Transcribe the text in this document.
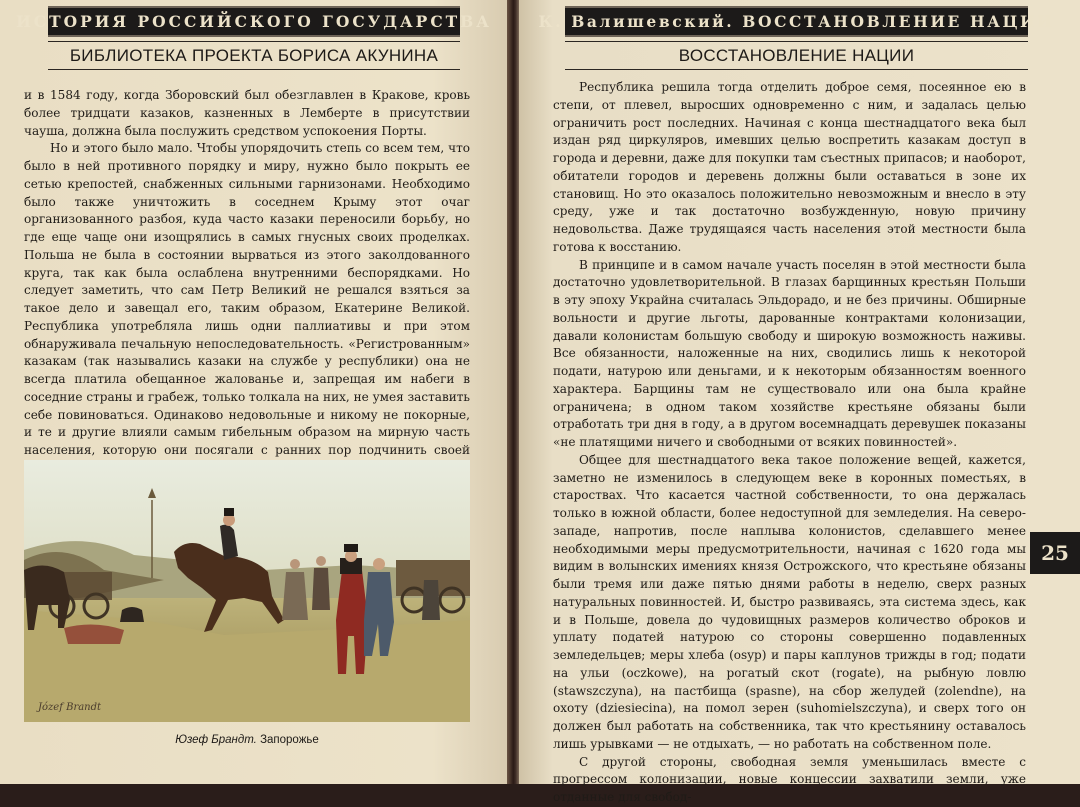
ИСТОРИЯ РОССИЙСКОГО ГОСУДАРСТВА
БИБЛИОТЕКА ПРОЕКТА БОРИСА АКУНИНА

и в 1584 году, когда Зборовский был обезглавлен в Кракове, кровь более тридцати казаков, казненных в Лемберте в присутствии чауша, должна была послужить средством успокоения Порты.

Но и этого было мало. Чтобы упорядочить степь со всем тем, что было в ней противного порядку и миру, нужно было покрыть ее сетью крепостей, снабженных сильными гарнизонами. Необходимо было также уничтожить в соседнем Крыму этот очаг организованного разбоя, куда часто казаки переносили борьбу, но где еще чаще они изощрялись в самых гнусных своих проделках. Польша не была в состоянии вырваться из этого заколдованного круга, так как была ослаблена внутренними беспорядками. Но следует заметить, что сам Петр Великий не решался взяться за такое дело и завещал его, таким образом, Екатерине Великой. Республика употребляла лишь одни паллиативы и при этом обнаруживала печальную непоследовательность. «Регистрованным» казакам (так назывались казаки на службе у республики) она не всегда платила обещанное жалованье и, запрещая им набеги в соседние страны и грабеж, только толкала на них, не умея заставить себе повиноваться. Одинаково недовольные и никому не покорные, и те и другие влияли самым гибельным образом на мирную часть населения, которую они посягали с ранних пор подчинить своей

Józef Brandt
Юзеф Брандт. Запорожье
К. Валишевский. ВОССТАНОВЛЕНИЕ НАЦИИ
ВОССТАНОВЛЕНИЕ НАЦИИ

Республика решила тогда отделить доброе семя, посеянное ею в степи, от плевел, выросших одновременно с ним, и задалась целью ограничить рост последних. Начиная с конца шестнадцатого века был издан ряд циркуляров, имевших целью воспретить казакам доступ в города и деревни, даже для покупки там съестных припасов; и наоборот, обитатели городов и деревень должны были оставаться в зоне их становищ. Но это оказалось положительно невозможным и внесло в эту среду, уже и так достаточно возбужденную, новую причину недовольства. Даже трудящаяся часть населения этой местности была готова к восстанию.

В принципе и в самом начале участь поселян в этой местности была достаточно удовлетворительной. В глазах барщинных крестьян Польши в эту эпоху Украйна считалась Эльдорадо, и не без причины. Обширные вольности и другие льготы, дарованные контрактами колонизации, давали колонистам большую свободу и широкую возможность наживы. Все обязанности, наложенные на них, сводились лишь к некоторой подати, натурою или деньгами, и к некоторым обязанностям военного характера. Барщины там не существовало или она была крайне ограничена; в одном таком хозяйстве крестьяне обязаны были отработать три дня в году, а в другом восемнадцать деревушек показаны «не платящими ничего и свободными от всяких повинностей».

Общее для шестнадцатого века такое положение вещей, кажется, заметно не изменилось в следующем веке в коронных поместьях, в староствах. Что касается частной собственности, то она держалась только в южной области, более недоступной для земледелия. На северо-западе, напротив, после наплыва колонистов, сделавшего менее необходимыми меры предусмотрительности, начиная с 1620 года мы видим в волынских имениях князя Острожского, что крестьяне обязаны были тремя или даже пятью днями работы в неделю, сверх разных натуральных повинностей. И, быстро развиваясь, эта система здесь, как и в Польше, довела до чудовищных размеров количество оброков и уплату податей натурою со стороны совершенно подавленных земледельцев; меры хлеба (osyp) и пары каплунов трижды в год; подати на ульи (oczkowe), на рогатый скот (rogate), на рыбную ловлю (stawszczyna), на пастбища (spasne), на сбор желудей (zolendne), на охоту (dziesiecina), на помол зерен (suhomielszczyna), и сверх того он должен был работать на собственника, так что крестьянину оставалось лишь урывками — не отдыхать, — но работать на собственном поле.

С другой стороны, свободная земля уменьшилась вместе с прогрессом колонизации, новые концессии захватили земли, уже отданные для свобод-

25
